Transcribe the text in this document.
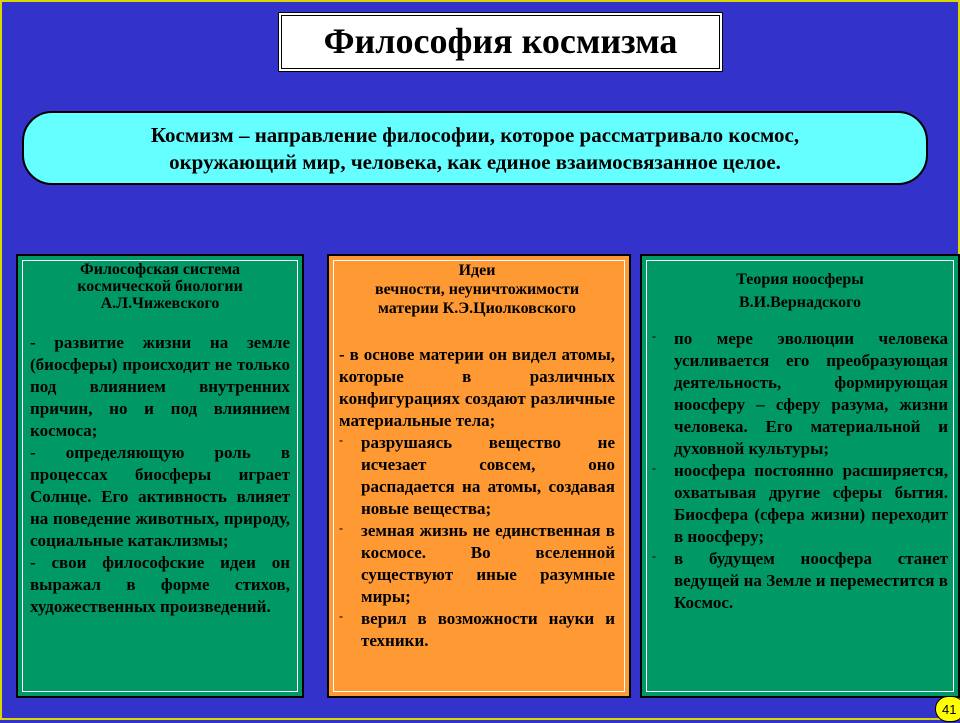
Философия космизма
Космизм – направление философии, которое рассматривало космос,
окружающий мир, человека, как единое взаимосвязанное целое.
Философская система
космической биологии
А.Л.Чижевского

- развитие жизни на земле (биосферы) происходит не только под влиянием внутренних причин, но и под влиянием космоса;

- определяющую роль в процессах биосферы играет Солнце. Его активность влияет на поведение животных, природу, социальные катаклизмы;

- свои философские идеи он выражал в форме стихов, художественных произведений.

Идеи
вечности, неуничтожимости
материи К.Э.Циолковского

- в основе материи он видел атомы, которые в различных конфигурациях создают различные материальные тела;

-	разрушаясь вещество не исчезает совсем, оно распадается на атомы, создавая новые вещества;
-	земная жизнь не единственная в космосе. Во вселенной существуют иные разумные миры;
-	верил в возможности науки и техники.
Теория ноосферы
В.И.Вернадского
-	по мере эволюции человека усиливается его преобразующая деятельность, формирующая ноосферу – сферу разума, жизни человека. Его материальной и духовной культуры;
-	ноосфера постоянно расширяется, охватывая другие сферы бытия. Биосфера (сфера жизни) переходит в ноосферу;
-	в будущем ноосфера станет ведущей на Земле и переместится в Космос.
41
